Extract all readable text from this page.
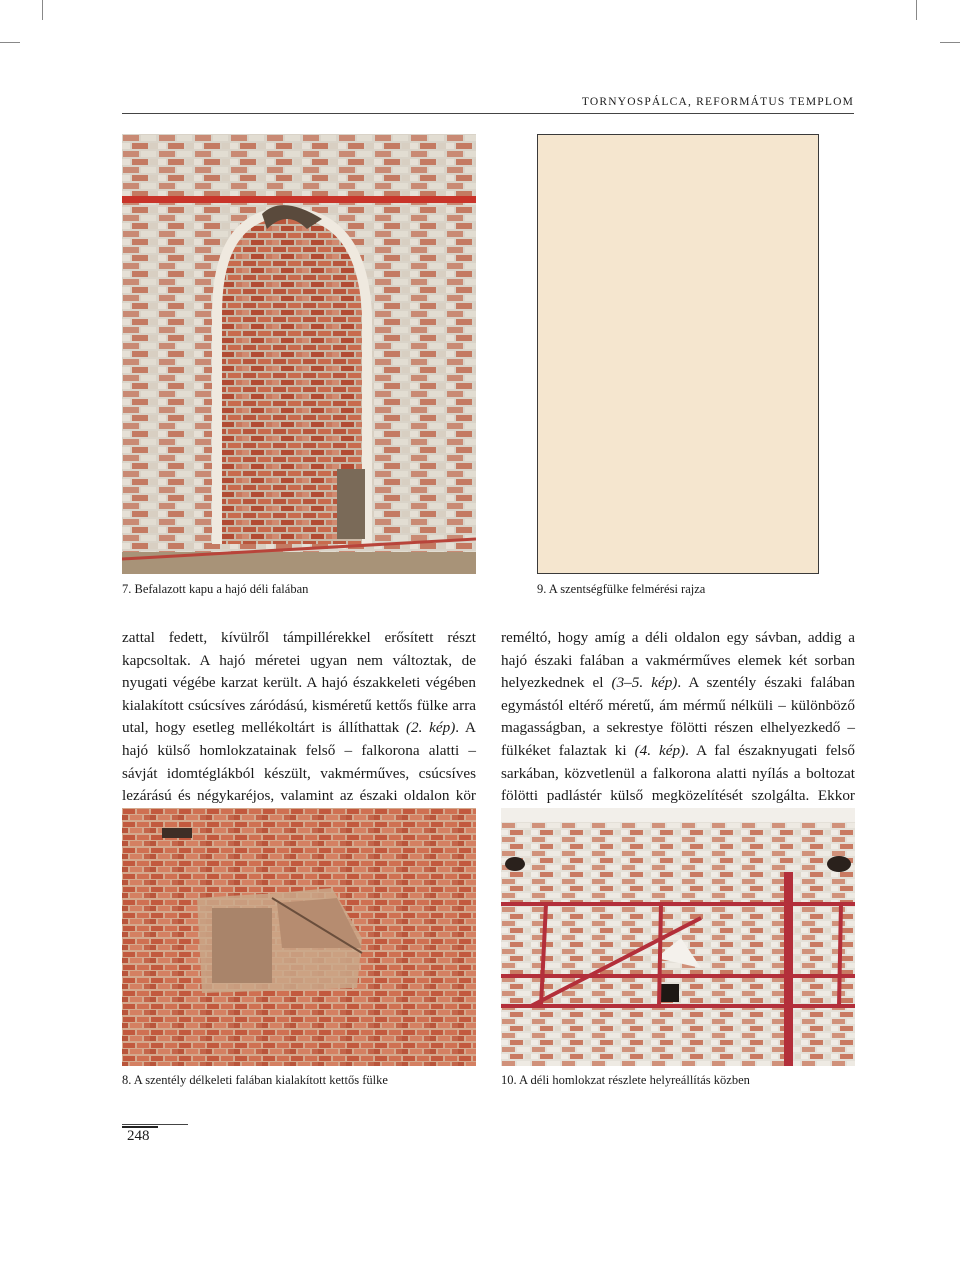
TORNYOSPÁLCA, REFORMÁTUS TEMPLOM
7. Befalazott kapu a hajó déli falában	9. A szentségfülke felmérési rajza

zattal fedett, kívülről támpillérekkel erősített részt kapcsoltak. A hajó méretei ugyan nem változtak, de nyugati végébe karzat került. A hajó északkeleti végében kialakított csúcsíves záródású, kisméretű kettős fülke arra utal, hogy esetleg mellékoltárt is állíthattak (2. kép). A hajó külső homlokzatainak felső – falkorona alatti – sávját idomtéglákból készült, vakmérműves, csúcsíves lezárású és négykaréjos, valamint az északi oldalon kör

reméltó, hogy amíg a déli oldalon egy sávban, addig a hajó északi falában a vakmérműves elemek két sorban helyezkednek el (3–5. kép). A szentély északi falában egymástól eltérő méretű, ám mérmű nélküli – különböző magasságban, a sekrestye fölötti részen elhelyezkedő – fülkéket falaztak ki (4. kép). A fal északnyugati felső sarkában, közvetlenül a falkorona alatti nyílás a boltozat fölötti padlástér külső megközelítését szolgálta. Ekkor

8. A szentély délkeleti falában kialakított kettős fülke	10. A déli homlokzat részlete helyreállítás közben
248
